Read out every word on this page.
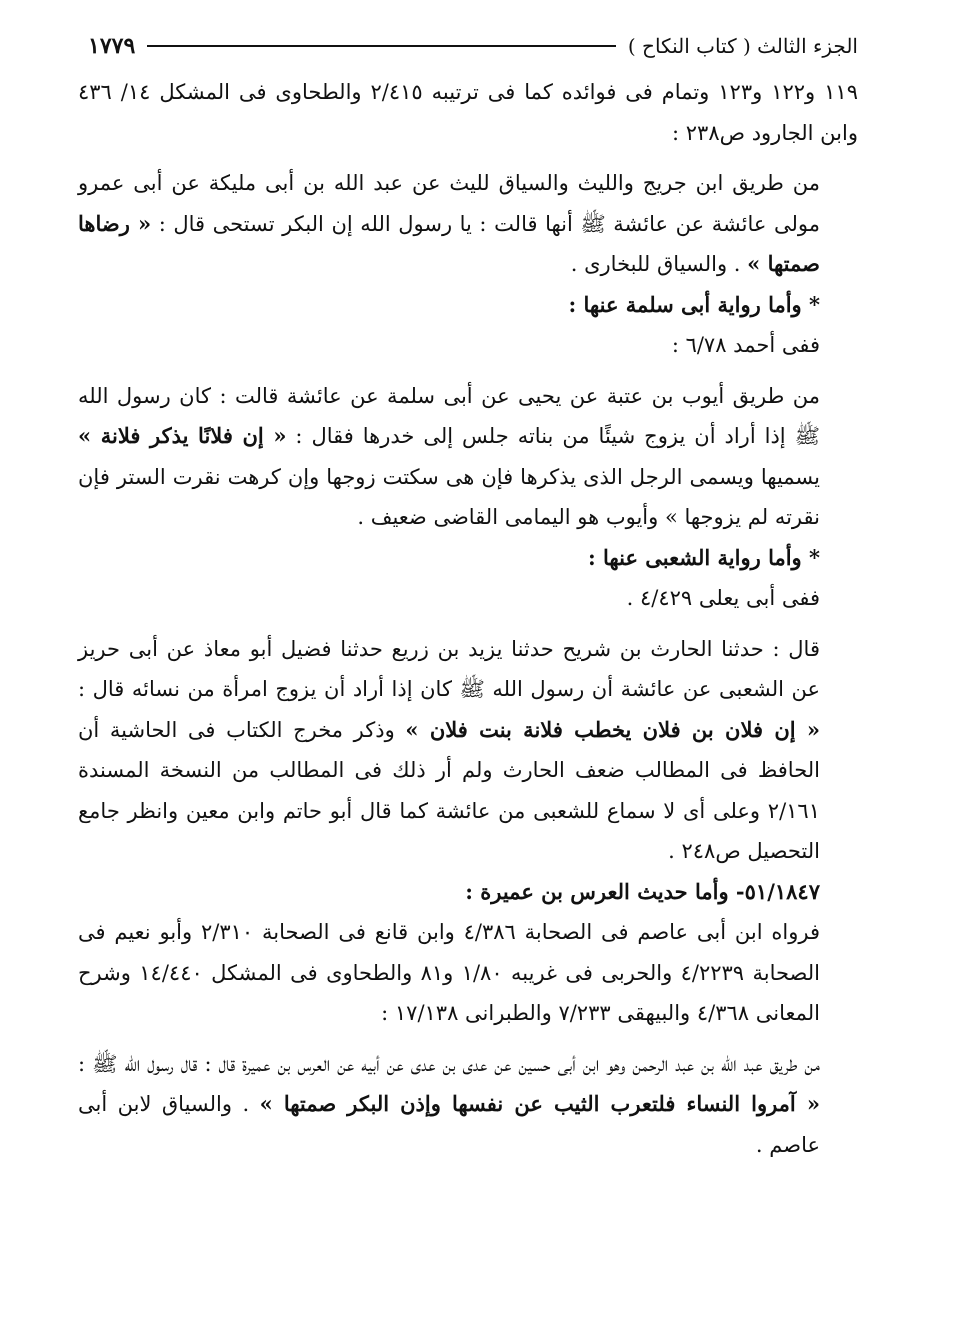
الجزء الثالث ( كتاب النكاح )
١٧٧٩

١١٩ و١٢٢ و١٢٣ وتمام فى فوائده كما فى ترتيبه ٢/٤١٥ والطحاوى فى المشكل ١٤/ ٤٣٦ وابن الجارود ص٢٣٨ :

من طريق ابن جريج والليث والسياق لليث عن عبد الله بن أبى مليكة عن أبى عمرو مولى عائشة عن عائشة ﷺ أنها قالت : يا رسول الله إن البكر تستحى قال : « رضاها صمتها » . والسياق للبخارى .

* وأما رواية أبى سلمة عنها :

ففى أحمد ٦/٧٨ :

من طريق أيوب بن عتبة عن يحيى عن أبى سلمة عن عائشة قالت : كان رسول الله ﷺ إذا أراد أن يزوج شيئًا من بناته جلس إلى خدرها فقال : « إن فلانًا يذكر فلانة » يسميها ويسمى الرجل الذى يذكرها فإن هى سكتت زوجها وإن كرهت نقرت الستر فإن نقرته لم يزوجها » وأيوب هو اليمامى القاضى ضعيف .

* وأما رواية الشعبى عنها :

ففى أبى يعلى ٤/٤٢٩ .

قال : حدثنا الحارث بن شريح حدثنا يزيد بن زريع حدثنا فضيل أبو معاذ عن أبى حريز عن الشعبى عن عائشة أن رسول الله ﷺ كان إذا أراد أن يزوج امرأة من نسائه قال : « إن فلان بن فلان يخطب فلانة بنت فلان » وذكر مخرج الكتاب فى الحاشية أن الحافظ فى المطالب ضعف الحارث ولم أر ذلك فى المطالب من النسخة المسندة ٢/١٦١ وعلى أى لا سماع للشعبى من عائشة كما قال أبو حاتم وابن معين وانظر جامع التحصيل ص٢٤٨ .

٥١/١٨٤٧- وأما حديث العرس بن عميرة :

فرواه ابن أبى عاصم فى الصحابة ٤/٣٨٦ وابن قانع فى الصحابة ٢/٣١٠ وأبو نعيم فى الصحابة ٤/٢٢٣٩ والحربى فى غريبه ١/٨٠ و٨١ والطحاوى فى المشكل ١٤/٤٤٠ وشرح المعانى ٤/٣٦٨ والبيهقى ٧/٢٣٣ والطبرانى ١٧/١٣٨ :

من طريق عبد الله بن عبد الرحمن وهو ابن أبى حسين عن عدى بن عدى عن أبيه عن العرس بن عميرة قال : قال رسول الله ﷺ : « آمروا النساء فلتعرب الثيب عن نفسها وإذن البكر صمتها » . والسياق لابن أبى عاصم .
